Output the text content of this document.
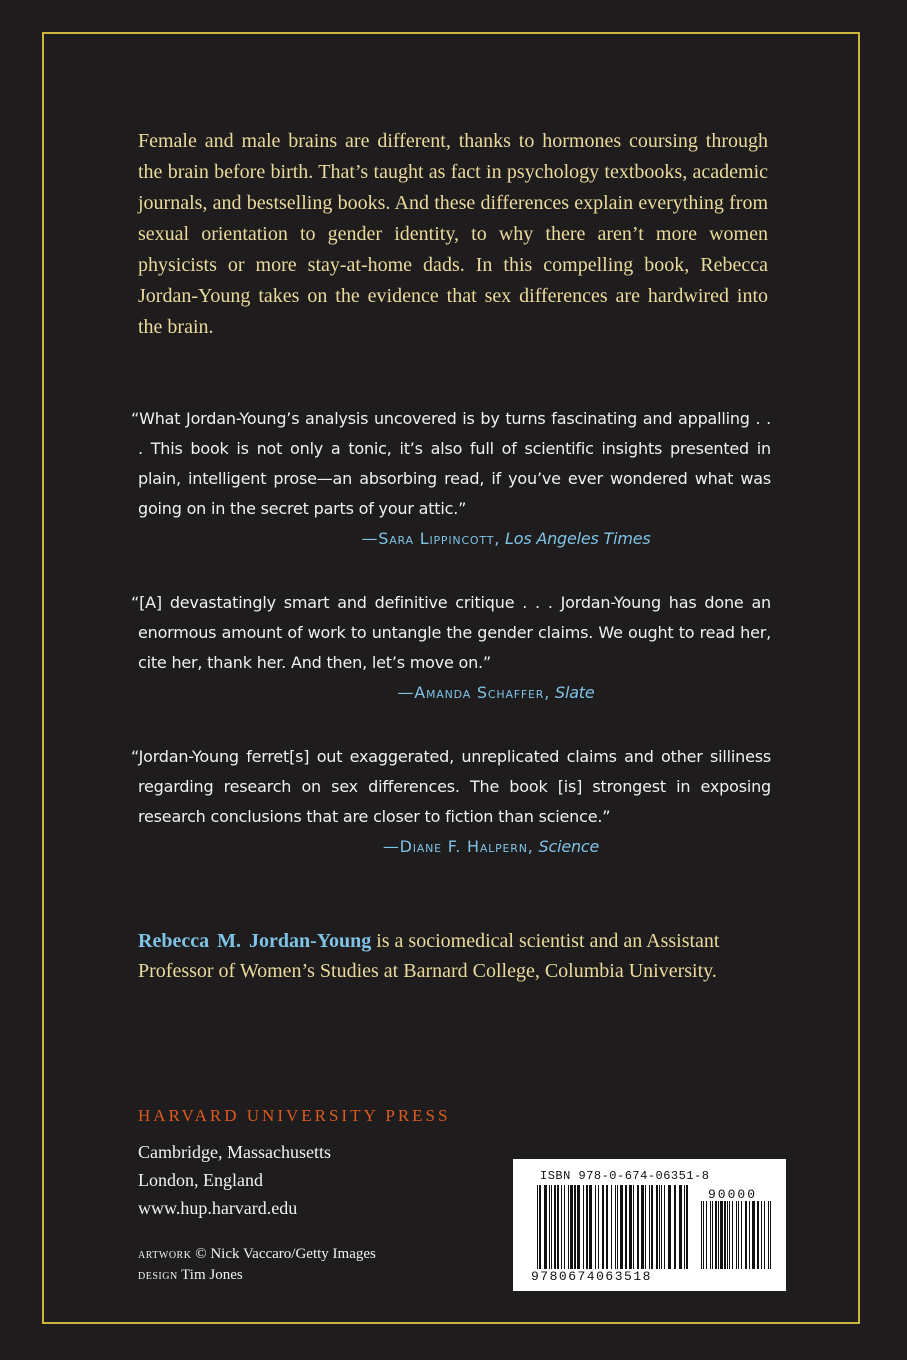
Female and male brains are different, thanks to hormones coursing through the brain before birth. That’s taught as fact in psychology textbooks, academic journals, and bestselling books. And these differences explain everything from sexual orientation to gender identity, to why there aren’t more women physicists or more stay-at-home dads. In this compelling book, Rebecca Jordan-Young takes on the evidence that sex differences are hardwired into the brain.

“What Jordan-Young’s analysis uncovered is by turns fascinating and appalling . . . This book is not only a tonic, it’s also full of scientific insights presented in plain, intelligent prose—an absorbing read, if you’ve ever wondered what was going on in the secret parts of your attic.”

—Sara Lippincott, Los Angeles Times

“[A] devastatingly smart and definitive critique . . . Jordan-Young has done an enormous amount of work to untangle the gender claims. We ought to read her, cite her, thank her. And then, let’s move on.”

—Amanda Schaffer, Slate

“Jordan-Young ferret[s] out exaggerated, unreplicated claims and other silliness regarding research on sex differences. The book [is] strongest in exposing research conclusions that are closer to fiction than science.”

—Diane F. Halpern, Science

Rebecca M. Jordan-Young is a sociomedical scientist and an Assistant Professor of Women’s Studies at Barnard College, Columbia University.

HARVARD UNIVERSITY PRESS
Cambridge, Massachusetts
London, England
www.hup.harvard.edu
artwork © Nick Vaccaro/Getty Images
design Tim Jones
ISBN 978-0-674-06351-8
90000
9780674063518
